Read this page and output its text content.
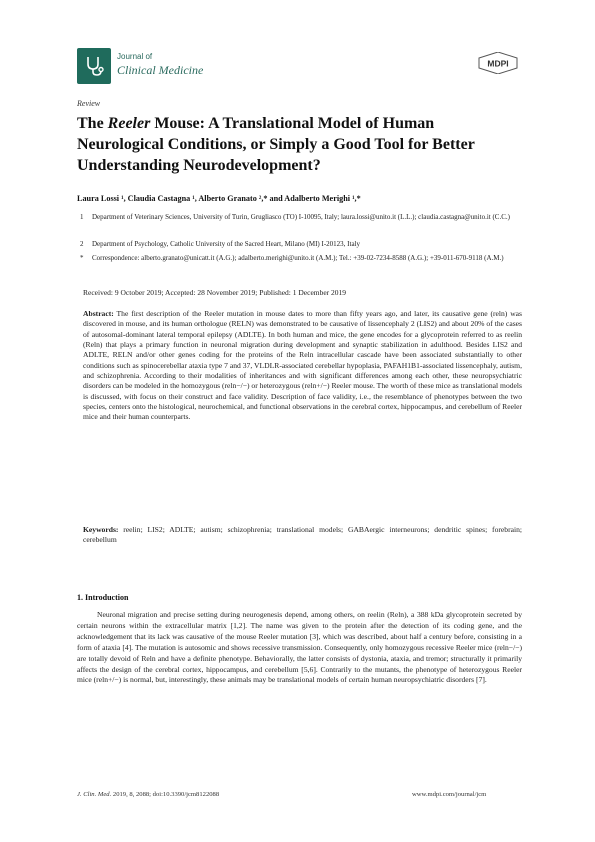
Journal of
Clinical Medicine	MDPI
Review
The Reeler Mouse: A Translational Model of Human Neurological Conditions, or Simply a Good Tool for Better Understanding Neurodevelopment?
Laura Lossi ¹, Claudia Castagna ¹, Alberto Granato ²,* and Adalberto Merighi ¹,*
1 Department of Veterinary Sciences, University of Turin, Grugliasco (TO) I-10095, Italy; laura.lossi@unito.it (L.L.); claudia.castagna@unito.it (C.C.)
2 Department of Psychology, Catholic University of the Sacred Heart, Milano (MI) I-20123, Italy
* Correspondence: alberto.granato@unicatt.it (A.G.); adalberto.merighi@unito.it (A.M.); Tel.: +39-02-7234-8588 (A.G.); +39-011-670-9118 (A.M.)
Received: 9 October 2019; Accepted: 28 November 2019; Published: 1 December 2019
Abstract: The first description of the Reeler mutation in mouse dates to more than fifty years ago, and later, its causative gene (reln) was discovered in mouse, and its human orthologue (RELN) was demonstrated to be causative of lissencephaly 2 (LIS2) and about 20% of the cases of autosomal-dominant lateral temporal epilepsy (ADLTE). In both human and mice, the gene encodes for a glycoprotein referred to as reelin (Reln) that plays a primary function in neuronal migration during development and synaptic stabilization in adulthood. Besides LIS2 and ADLTE, RELN and/or other genes coding for the proteins of the Reln intracellular cascade have been associated substantially to other conditions such as spinocerebellar ataxia type 7 and 37, VLDLR-associated cerebellar hypoplasia, PAFAH1B1-associated lissencephaly, autism, and schizophrenia. According to their modalities of inheritances and with significant differences among each other, these neuropsychiatric disorders can be modeled in the homozygous (reln−/−) or heterozygous (reln+/−) Reeler mouse. The worth of these mice as translational models is discussed, with focus on their construct and face validity. Description of face validity, i.e., the resemblance of phenotypes between the two species, centers onto the histological, neurochemical, and functional observations in the cerebral cortex, hippocampus, and cerebellum of Reeler mice and their human counterparts.
Keywords: reelin; LIS2; ADLTE; autism; schizophrenia; translational models; GABAergic interneurons; dendritic spines; forebrain; cerebellum
1. Introduction
Neuronal migration and precise setting during neurogenesis depend, among others, on reelin (Reln), a 388 kDa glycoprotein secreted by certain neurons within the extracellular matrix [1,2]. The name was given to the protein after the detection of its coding gene, and the acknowledgement that its lack was causative of the mouse Reeler mutation [3], which was described, about half a century before, consisting in a form of ataxia [4]. The mutation is autosomic and shows recessive transmission. Consequently, only homozygous recessive Reeler mice (reln−/−) are totally devoid of Reln and have a definite phenotype. Behaviorally, the latter consists of dystonia, ataxia, and tremor; structurally it primarily affects the design of the cerebral cortex, hippocampus, and cerebellum [5,6]. Contrarily to the mutants, the phenotype of heterozygous Reeler mice (reln+/−) is normal, but, interestingly, these animals may be translational models of certain human neuropsychiatric disorders [7].
J. Clin. Med. 2019, 8, 2088; doi:10.3390/jcm8122088	www.mdpi.com/journal/jcm
